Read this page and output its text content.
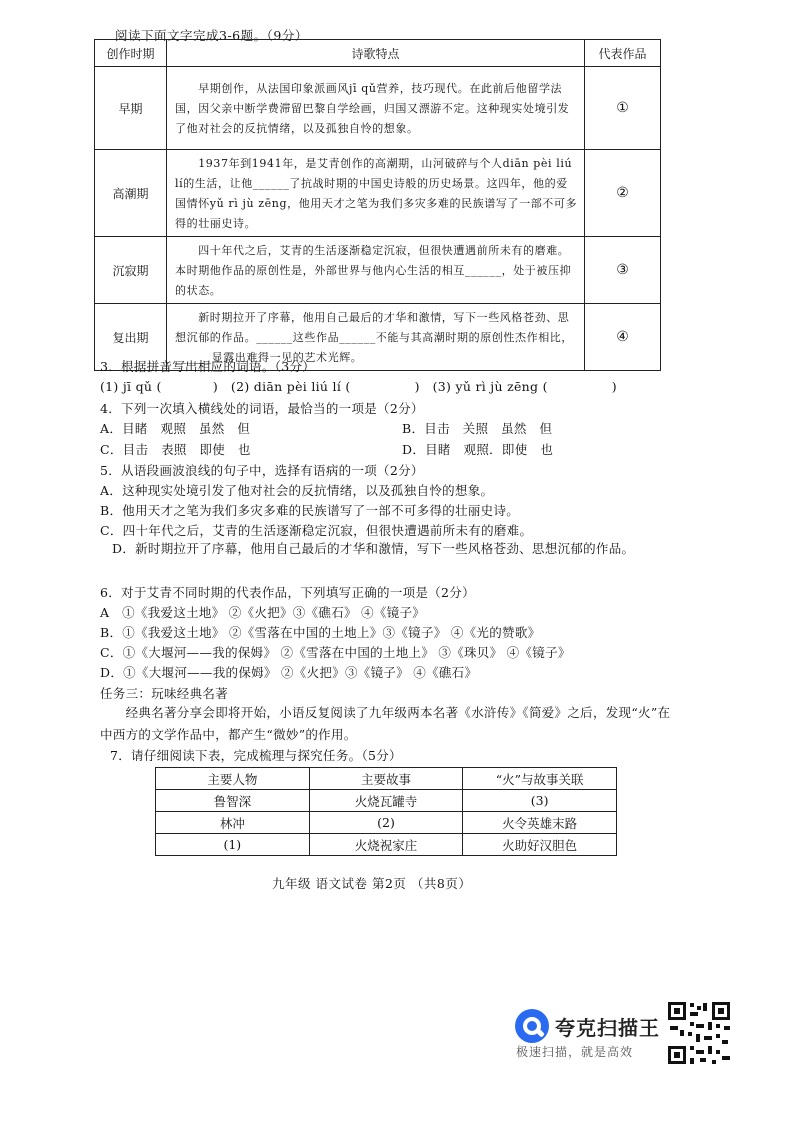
阅读下面文字完成3-6题。（9分）
创作时期	诗歌特点	代表作品
早期	　　早期创作，从法国印象派画风jī qǔ营养，技巧现代。在此前后他留学法国，因父亲中断学费滞留巴黎自学绘画，归国又漂游不定。这种现实处境引发了他对社会的反抗情绪，以及孤独自怜的想象。	①
高潮期	　　1937年到1941年，是艾青创作的高潮期，山河破碎与个人diān pèi liú lí的生活，让他______了抗战时期的中国史诗般的历史场景。这四年，他的爱国情怀yǔ rì jù zēng，他用天才之笔为我们多灾多难的民族谱写了一部不可多得的壮丽史诗。	②
沉寂期	　　四十年代之后，艾青的生活逐渐稳定沉寂，但很快遭遇前所未有的磨难。本时期他作品的原创性是，外部世界与他内心生活的相互______，处于被压抑的状态。	③
复出期	　　新时期拉开了序幕，他用自己最后的才华和激情，写下一些风格苍劲、思想沉郁的作品。______这些作品______不能与其高潮时期的原创性杰作相比，______显露出难得一见的艺术光辉。	④
3．根据拼音写出相应的词语。（3分）
(1) jī qǔ (　　　　)　(2) diān pèi liú lí (　　　　　)　(3) yǔ rì jù zēng (　　　　　)
4．下列一次填入横线处的词语，最恰当的一项是（2分）
A．目睹　观照　虽然　但	B．目击　关照　虽然　但
C．目击　表照　即使　也	D．目睹　观照．即使　也
5．从语段画波浪线的句子中，选择有语病的一项（2分）
A．这种现实处境引发了他对社会的反抗情绪，以及孤独自怜的想象。
B．他用天才之笔为我们多灾多难的民族谱写了一部不可多得的壮丽史诗。
C．四十年代之后，艾青的生活逐渐稳定沉寂，但很快遭遇前所未有的磨难。
D．新时期拉开了序幕，他用自己最后的才华和激情，写下一些风格苍劲、思想沉郁的作品。
6．对于艾青不同时期的代表作品，下列填写正确的一项是（2分）
A　①《我爱这土地》 ②《火把》③《礁石》 ④《镜子》
B．①《我爱这土地》 ②《雪落在中国的土地上》③《镜子》 ④《光的赞歌》
C．①《大堰河——我的保姆》 ②《雪落在中国的土地上》 ③《珠贝》 ④《镜子》
D．①《大堰河——我的保姆》 ②《火把》③《镜子》 ④《礁石》
任务三：玩味经典名著
　　经典名著分享会即将开始，小语反复阅读了九年级两本名著《水浒传》《简爱》之后，发现“火”在中西方的文学作品中，都产生“微妙”的作用。
7．请仔细阅读下表，完成梳理与探究任务。（5分）
主要人物	主要故事	“火”与故事关联
鲁智深	火烧瓦罐寺	(3)
林冲	(2)	火令英雄末路
(1)	火烧祝家庄	火助好汉胆色
九年级 语文试卷 第2页 （共8页）
夸克扫描王
极速扫描，就是高效
